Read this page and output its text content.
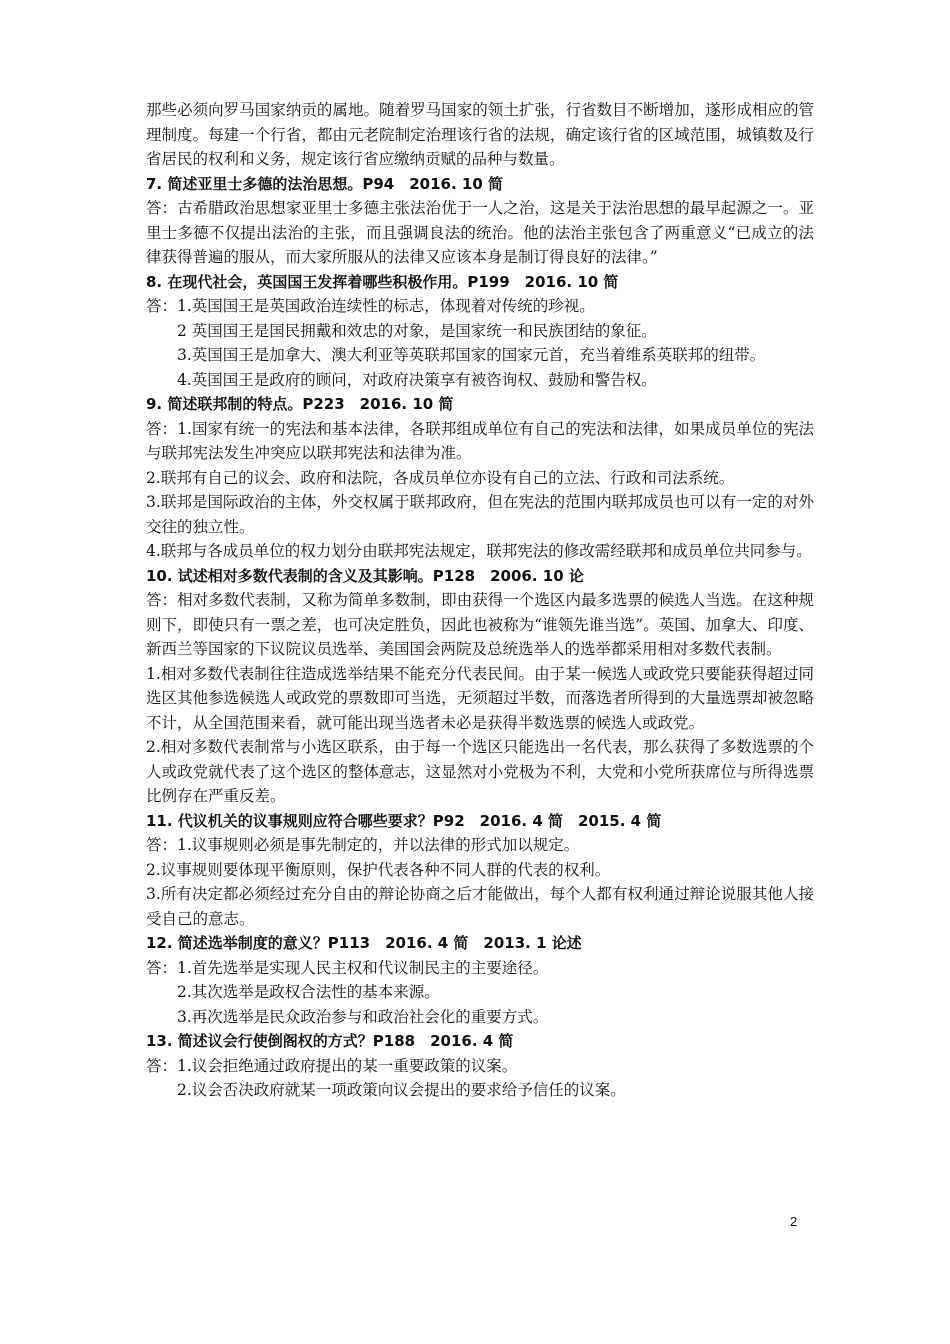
那些必须向罗马国家纳贡的属地。随着罗马国家的领土扩张，行省数目不断增加，遂形成相应的管理制度。每建一个行省，都由元老院制定治理该行省的法规，确定该行省的区域范围，城镇数及行省居民的权利和义务，规定该行省应缴纳贡赋的品种与数量。

7. 简述亚里士多德的法治思想。P94　2016. 10 简

答：古希腊政治思想家亚里士多德主张法治优于一人之治，这是关于法治思想的最早起源之一。亚里士多德不仅提出法治的主张，而且强调良法的统治。他的法治主张包含了两重意义“已成立的法律获得普遍的服从，而大家所服从的法律又应该本身是制订得良好的法律。”

8. 在现代社会，英国国王发挥着哪些积极作用。P199　2016. 10 简

答：1.英国国王是英国政治连续性的标志，体现着对传统的珍视。

2 英国国王是国民拥戴和效忠的对象，是国家统一和民族团结的象征。

3.英国国王是加拿大、澳大利亚等英联邦国家的国家元首，充当着维系英联邦的纽带。

4.英国国王是政府的顾问，对政府决策享有被咨询权、鼓励和警告权。

9. 简述联邦制的特点。P223　2016. 10 简

答：1.国家有统一的宪法和基本法律，各联邦组成单位有自己的宪法和法律，如果成员单位的宪法与联邦宪法发生冲突应以联邦宪法和法律为准。

2.联邦有自己的议会、政府和法院，各成员单位亦设有自己的立法、行政和司法系统。

3.联邦是国际政治的主体，外交权属于联邦政府，但在宪法的范围内联邦成员也可以有一定的对外交往的独立性。

4.联邦与各成员单位的权力划分由联邦宪法规定，联邦宪法的修改需经联邦和成员单位共同参与。

10. 试述相对多数代表制的含义及其影响。P128　2006. 10 论

答：相对多数代表制，又称为简单多数制，即由获得一个选区内最多选票的候选人当选。在这种规则下，即使只有一票之差，也可决定胜负，因此也被称为“谁领先谁当选”。英国、加拿大、印度、新西兰等国家的下议院议员选举、美国国会两院及总统选举人的选举都采用相对多数代表制。

1.相对多数代表制往往造成选举结果不能充分代表民间。由于某一候选人或政党只要能获得超过同选区其他参选候选人或政党的票数即可当选，无须超过半数，而落选者所得到的大量选票却被忽略不计，从全国范围来看，就可能出现当选者未必是获得半数选票的候选人或政党。

2.相对多数代表制常与小选区联系，由于每一个选区只能选出一名代表，那么获得了多数选票的个人或政党就代表了这个选区的整体意志，这显然对小党极为不利，大党和小党所获席位与所得选票比例存在严重反差。

11. 代议机关的议事规则应符合哪些要求？P92　2016. 4 简　2015. 4 简

答：1.议事规则必须是事先制定的，并以法律的形式加以规定。

2.议事规则要体现平衡原则，保护代表各种不同人群的代表的权利。

3.所有决定都必须经过充分自由的辩论协商之后才能做出，每个人都有权利通过辩论说服其他人接受自己的意志。

12. 简述选举制度的意义？P113　2016. 4 简　2013. 1 论述

答：1.首先选举是实现人民主权和代议制民主的主要途径。

2.其次选举是政权合法性的基本来源。

3.再次选举是民众政治参与和政治社会化的重要方式。

13. 简述议会行使倒阁权的方式？P188　2016. 4 简

答：1.议会拒绝通过政府提出的某一重要政策的议案。

2.议会否决政府就某一项政策向议会提出的要求给予信任的议案。

2
